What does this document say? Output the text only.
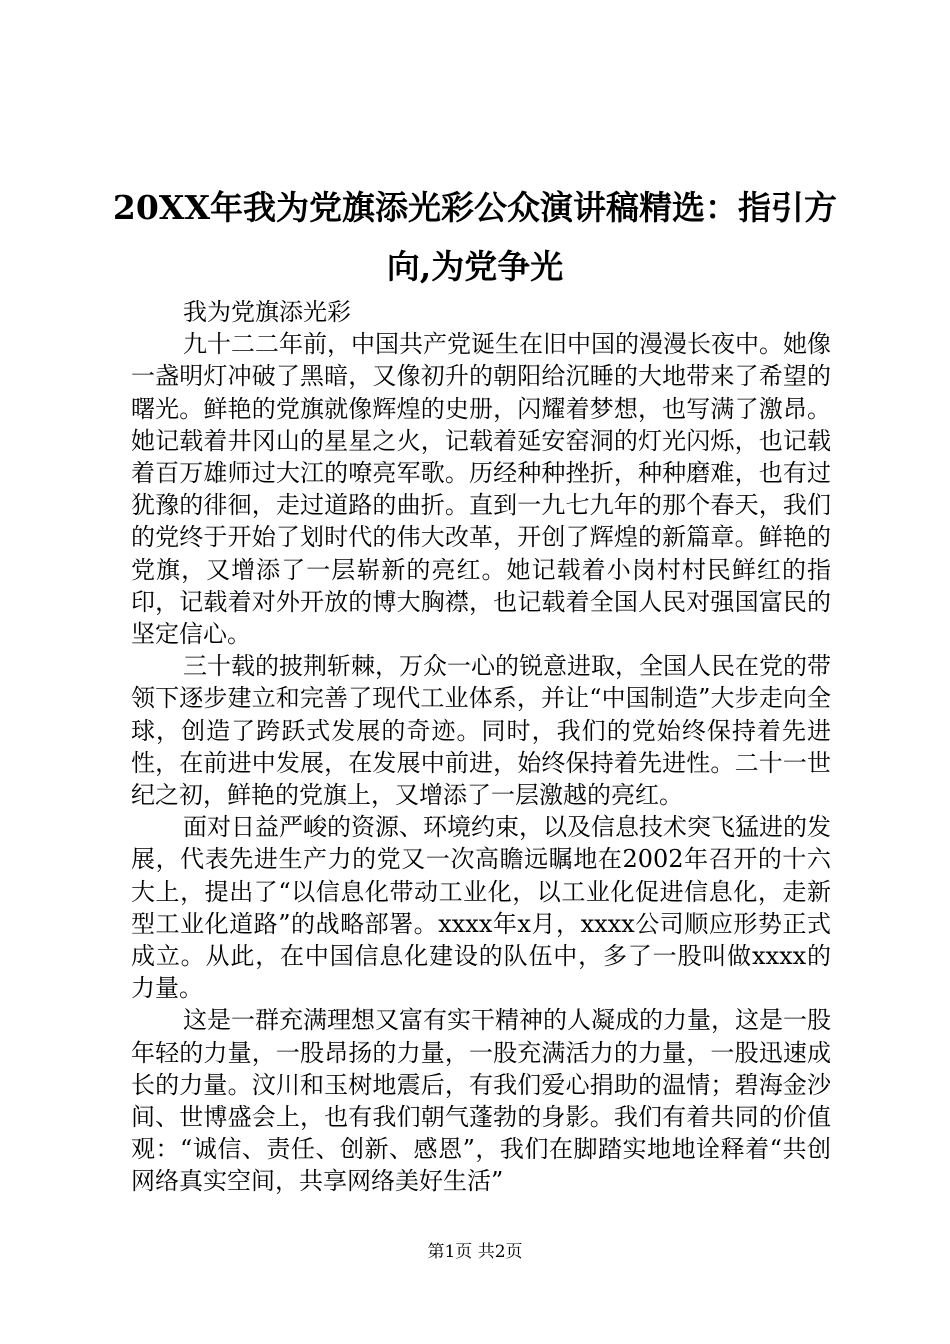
20XX年我为党旗添光彩公众演讲稿精选：指引方向,为党争光

我为党旗添光彩

九十二二年前，中国共产党诞生在旧中国的漫漫长夜中。她像一盏明灯冲破了黑暗，又像初升的朝阳给沉睡的大地带来了希望的曙光。鲜艳的党旗就像辉煌的史册，闪耀着梦想，也写满了激昂。她记载着井冈山的星星之火，记载着延安窑洞的灯光闪烁，也记载着百万雄师过大江的嘹亮军歌。历经种种挫折，种种磨难，也有过犹豫的徘徊，走过道路的曲折。直到一九七九年的那个春天，我们的党终于开始了划时代的伟大改革，开创了辉煌的新篇章。鲜艳的党旗，又增添了一层崭新的亮红。她记载着小岗村村民鲜红的指印，记载着对外开放的博大胸襟，也记载着全国人民对强国富民的坚定信心。

三十载的披荆斩棘，万众一心的锐意进取，全国人民在党的带领下逐步建立和完善了现代工业体系，并让“中国制造”大步走向全球，创造了跨跃式发展的奇迹。同时，我们的党始终保持着先进性，在前进中发展，在发展中前进，始终保持着先进性。二十一世纪之初，鲜艳的党旗上，又增添了一层激越的亮红。

面对日益严峻的资源、环境约束，以及信息技术突飞猛进的发展，代表先进生产力的党又一次高瞻远瞩地在2002年召开的十六大上，提出了“以信息化带动工业化，以工业化促进信息化，走新型工业化道路”的战略部署。xxxx年x月，xxxx公司顺应形势正式成立。从此，在中国信息化建设的队伍中，多了一股叫做xxxx的力量。

这是一群充满理想又富有实干精神的人凝成的力量，这是一股年轻的力量，一股昂扬的力量，一股充满活力的力量，一股迅速成长的力量。汶川和玉树地震后，有我们爱心捐助的温情；碧海金沙间、世博盛会上，也有我们朝气蓬勃的身影。我们有着共同的价值观：“诚信、责任、创新、感恩”，我们在脚踏实地地诠释着“共创网络真实空间，共享网络美好生活”

第1页 共2页
